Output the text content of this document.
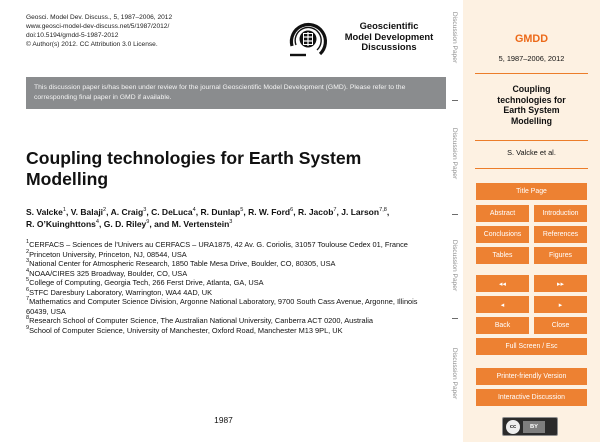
Geosci. Model Dev. Discuss., 5, 1987–2006, 2012
www.geosci-model-dev-discuss.net/5/1987/2012/
doi:10.5194/gmdd-5-1987-2012
© Author(s) 2012. CC Attribution 3.0 License.
Geoscientific
Model Development
Discussions
This discussion paper is/has been under review for the journal Geoscientific Model Development (GMD). Please refer to the corresponding final paper in GMD if available.
Coupling technologies for Earth System Modelling
S. Valcke$^1$, V. Balaji$^2$, A. Craig$^3$, C. DeLuca$^4$, R. Dunlap$^5$, R. W. Ford$^6$, R. Jacob$^7$, J. Larson$^{7,8}$, R. O’Kuinghttons$^4$, G. D. Riley$^9$, and M. Vertenstein$^3$
$^1$CERFACS – Sciences de l’Univers au CERFACS – URA1875, 42 Av. G. Coriolis, 31057 Toulouse Cedex 01, France
$^2$Princeton University, Princeton, NJ, 08544, USA
$^3$National Center for Atmospheric Research, 1850 Table Mesa Drive, Boulder, CO, 80305, USA
$^4$NOAA/CIRES 325 Broadway, Boulder, CO, USA
$^5$College of Computing, Georgia Tech, 266 Ferst Drive, Atlanta, GA, USA
$^6$STFC Daresbury Laboratory, Warrington, WA4 4AD, UK
$^7$Mathematics and Computer Science Division, Argonne National Laboratory, 9700 South Cass Avenue, Argonne, Illinois 60439, USA
$^8$Research School of Computer Science, The Australian National University, Canberra ACT 0200, Australia
$^9$School of Computer Science, University of Manchester, Oxford Road, Manchester M13 9PL, UK
1987
Discussion Paper
Discussion Paper
Discussion Paper
Discussion Paper
GMDD
5, 1987–2006, 2012
Coupling
technologies for
Earth System
Modelling
S. Valcke et al.
Title Page
Abstract	Introduction
Conclusions	References
Tables	Figures
◂◂	▸▸
◂	▸
Back	Close
Full Screen / Esc
Printer-friendly Version
Interactive Discussion
cc	BY
